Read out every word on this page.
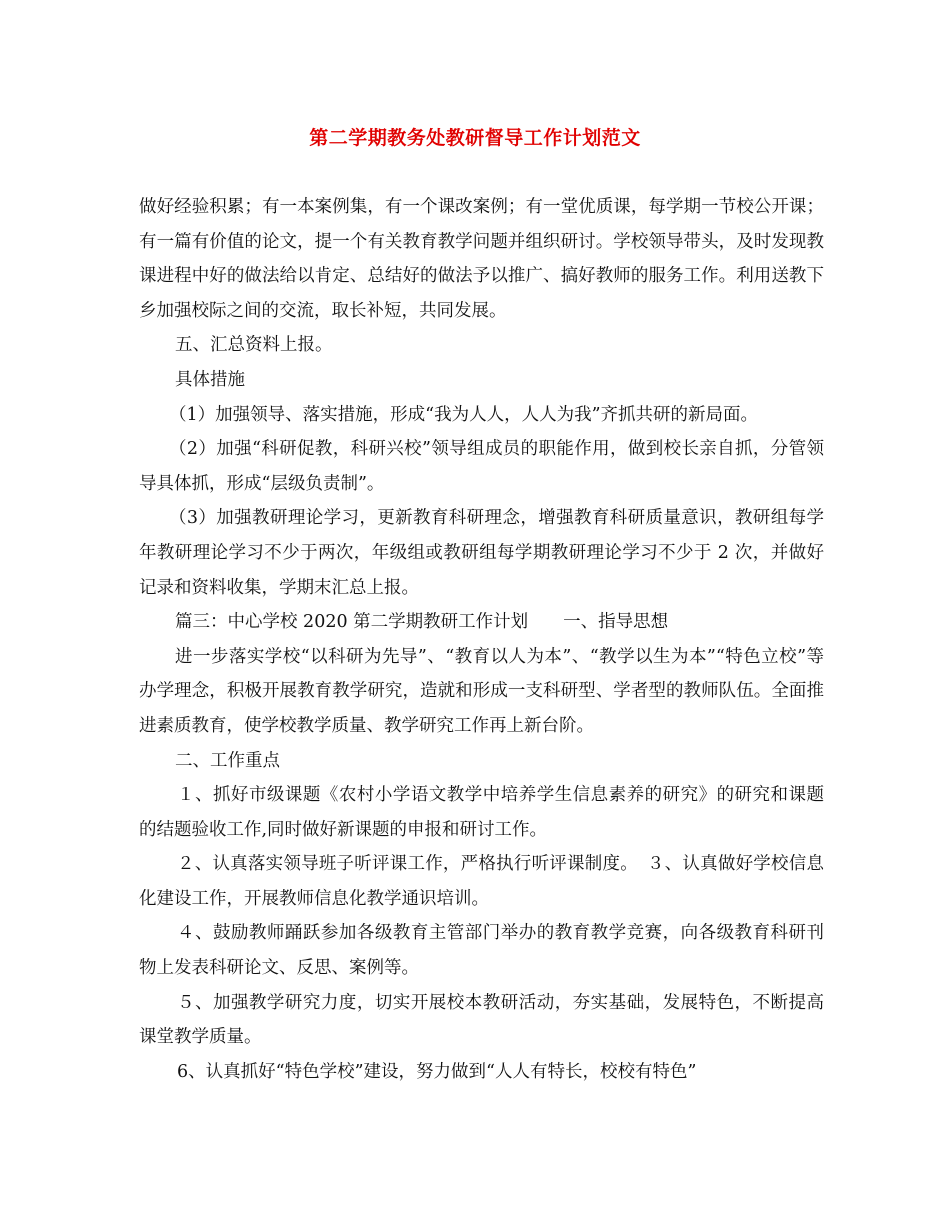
第二学期教务处教研督导工作计划范文

做好经验积累；有一本案例集，有一个课改案例；有一堂优质课，每学期一节校公开课；有一篇有价值的论文，提一个有关教育教学问题并组织研讨。学校领导带头，及时发现教课进程中好的做法给以肯定、总结好的做法予以推广、搞好教师的服务工作。利用送教下乡加强校际之间的交流，取长补短，共同发展。

五、汇总资料上报。

具体措施

（1）加强领导、落实措施，形成“我为人人，人人为我”齐抓共研的新局面。

（2）加强“科研促教，科研兴校”领导组成员的职能作用，做到校长亲自抓，分管领导具体抓，形成“层级负责制”。

（3）加强教研理论学习，更新教育科研理念，增强教育科研质量意识，教研组每学年教研理论学习不少于两次，年级组或教研组每学期教研理论学习不少于 2 次，并做好记录和资料收集，学期末汇总上报。

篇三：中心学校 2020 第二学期教研工作计划　　一、指导思想

进一步落实学校“以科研为先导”、“教育以人为本”、“教学以生为本”“特色立校”等办学理念，积极开展教育教学研究，造就和形成一支科研型、学者型的教师队伍。全面推进素质教育，使学校教学质量、教学研究工作再上新台阶。

二、工作重点

１、抓好市级课题《农村小学语文教学中培养学生信息素养的研究》的研究和课题的结题验收工作,同时做好新课题的申报和研讨工作。

２、认真落实领导班子听评课工作，严格执行听评课制度。　３、认真做好学校信息化建设工作，开展教师信息化教学通识培训。

４、鼓励教师踊跃参加各级教育主管部门举办的教育教学竞赛，向各级教育科研刊物上发表科研论文、反思、案例等。

５、加强教学研究力度，切实开展校本教研活动，夯实基础，发展特色，不断提高课堂教学质量。

6、认真抓好“特色学校”建设，努力做到“人人有特长，校校有特色”
